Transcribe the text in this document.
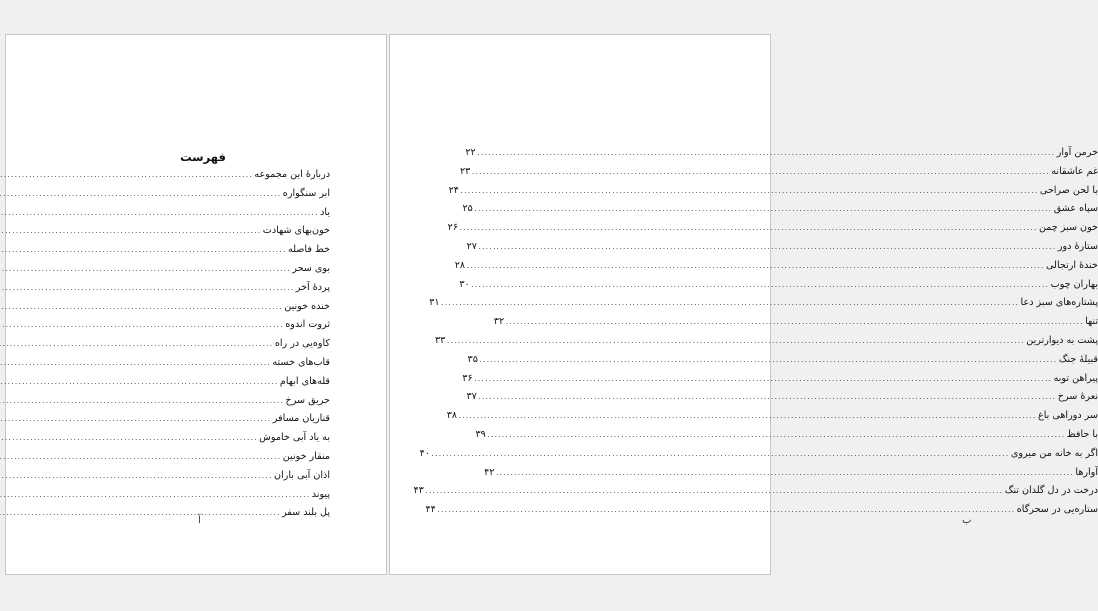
فهرست
دربارهٔ این مجموعه
.....
ابر سنگواره
.....
یاد
.....
خون‌بهای شهادت
.....
خط فاصله
.....
بوی سحر
.....
پردهٔ آخر
.....
خنده خونین
.....
ثروت اندوه
.....
کاوه‌یی در راه
.....
قاب‌های خسته
.....
قله‌های ابهام
.....
حریق سرخ
.....
قناریان مسافر
.....
به یاد آبی خاموش
.....
منقار خونین
.....
اذان آبی باران
.....
پیوند
.....
پل بلند سفر
.....
آ
خرمن آوار
.....
۲۲
غم عاشقانه
.....
۲۳
با لحن صراحی
.....
۲۴
سپاه عشق
.....
۲۵
خون سبز چمن
.....
۲۶
ستارهٔ دور
.....
۲۷
خندهٔ ارتجالی
.....
۲۸
بهاران چوب
.....
۳۰
پشتاره‌های سبز دعا
.....
۳۱
تنها
.....
۳۲
پشت به دیوارترین
.....
۳۳
قبیلهٔ جنگ
.....
۳۵
پیراهن توبه
.....
۳۶
نعرهٔ سرخ
.....
۳۷
سر دوراهی باغ
.....
۳۸
با حافظ
.....
۳۹
اگر به خانه من میروی
.....
۴۰
آوارها
.....
۴۲
درخت در دل گلدان تنگ
.....
۴۳
ستاره‌یی در سحرگاه
.....
۴۴
ب
